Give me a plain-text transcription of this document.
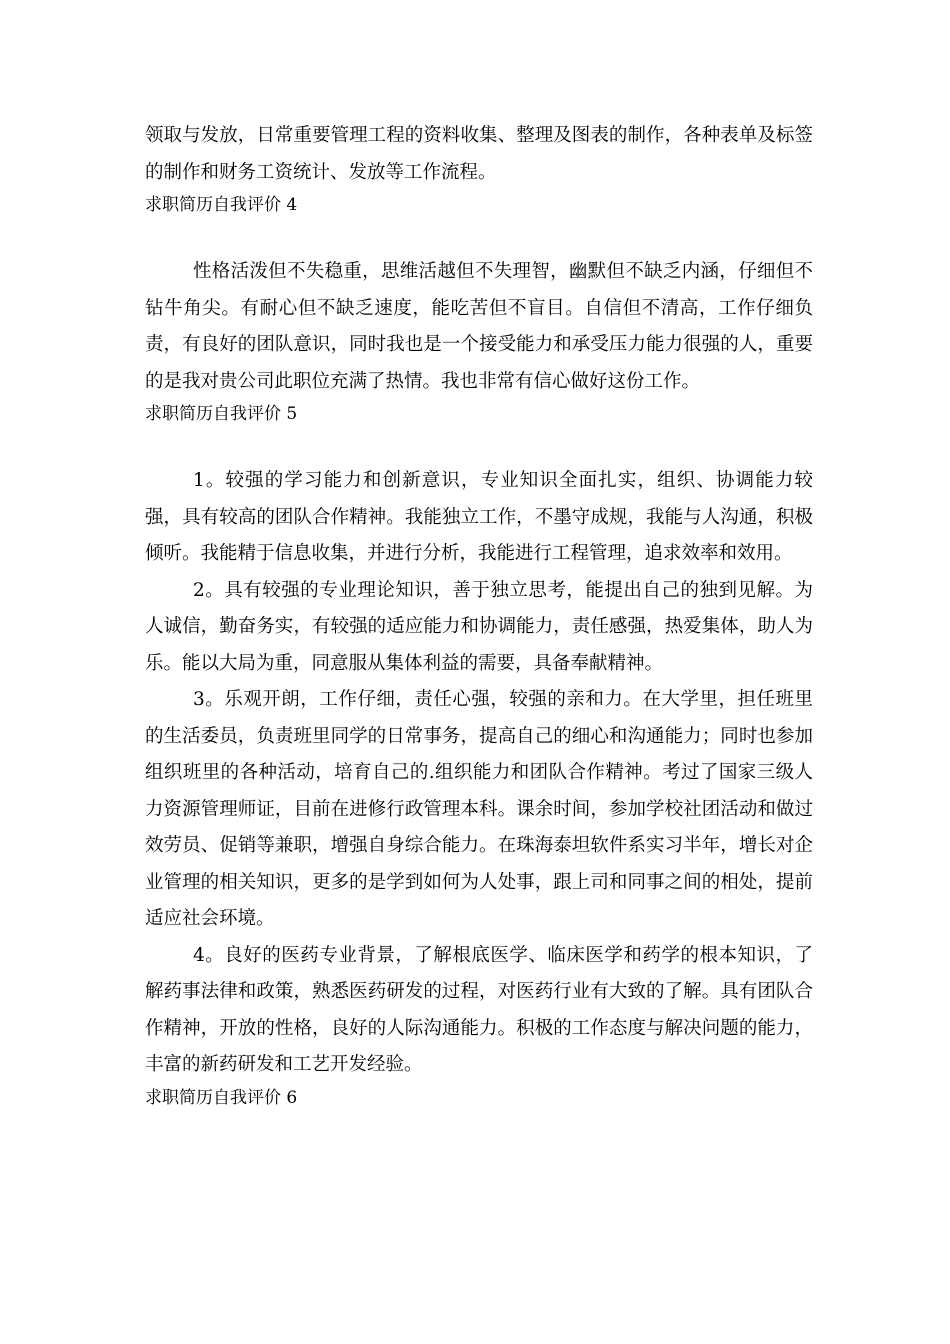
领取与发放，日常重要管理工程的资料收集、整理及图表的制作，各种表单及标签的制作和财务工资统计、发放等工作流程。

求职简历自我评价 4

性格活泼但不失稳重，思维活越但不失理智，幽默但不缺乏内涵，仔细但不钻牛角尖。有耐心但不缺乏速度，能吃苦但不盲目。自信但不清高，工作仔细负责，有良好的团队意识，同时我也是一个接受能力和承受压力能力很强的人，重要的是我对贵公司此职位充满了热情。我也非常有信心做好这份工作。

求职简历自我评价 5

1。较强的学习能力和创新意识，专业知识全面扎实，组织、协调能力较强，具有较高的团队合作精神。我能独立工作，不墨守成规，我能与人沟通，积极倾听。我能精于信息收集，并进行分析，我能进行工程管理，追求效率和效用。

2。具有较强的专业理论知识，善于独立思考，能提出自己的独到见解。为人诚信，勤奋务实，有较强的适应能力和协调能力，责任感强，热爱集体，助人为乐。能以大局为重，同意服从集体利益的需要，具备奉献精神。

3。乐观开朗，工作仔细，责任心强，较强的亲和力。在大学里，担任班里的生活委员，负责班里同学的日常事务，提高自己的细心和沟通能力；同时也参加组织班里的各种活动，培育自己的.组织能力和团队合作精神。考过了国家三级人力资源管理师证，目前在进修行政管理本科。课余时间，参加学校社团活动和做过效劳员、促销等兼职，增强自身综合能力。在珠海泰坦软件系实习半年，增长对企业管理的相关知识，更多的是学到如何为人处事，跟上司和同事之间的相处，提前适应社会环境。

4。良好的医药专业背景，了解根底医学、临床医学和药学的根本知识，了解药事法律和政策，熟悉医药研发的过程，对医药行业有大致的了解。具有团队合作精神，开放的性格，良好的人际沟通能力。积极的工作态度与解决问题的能力，丰富的新药研发和工艺开发经验。

求职简历自我评价 6
